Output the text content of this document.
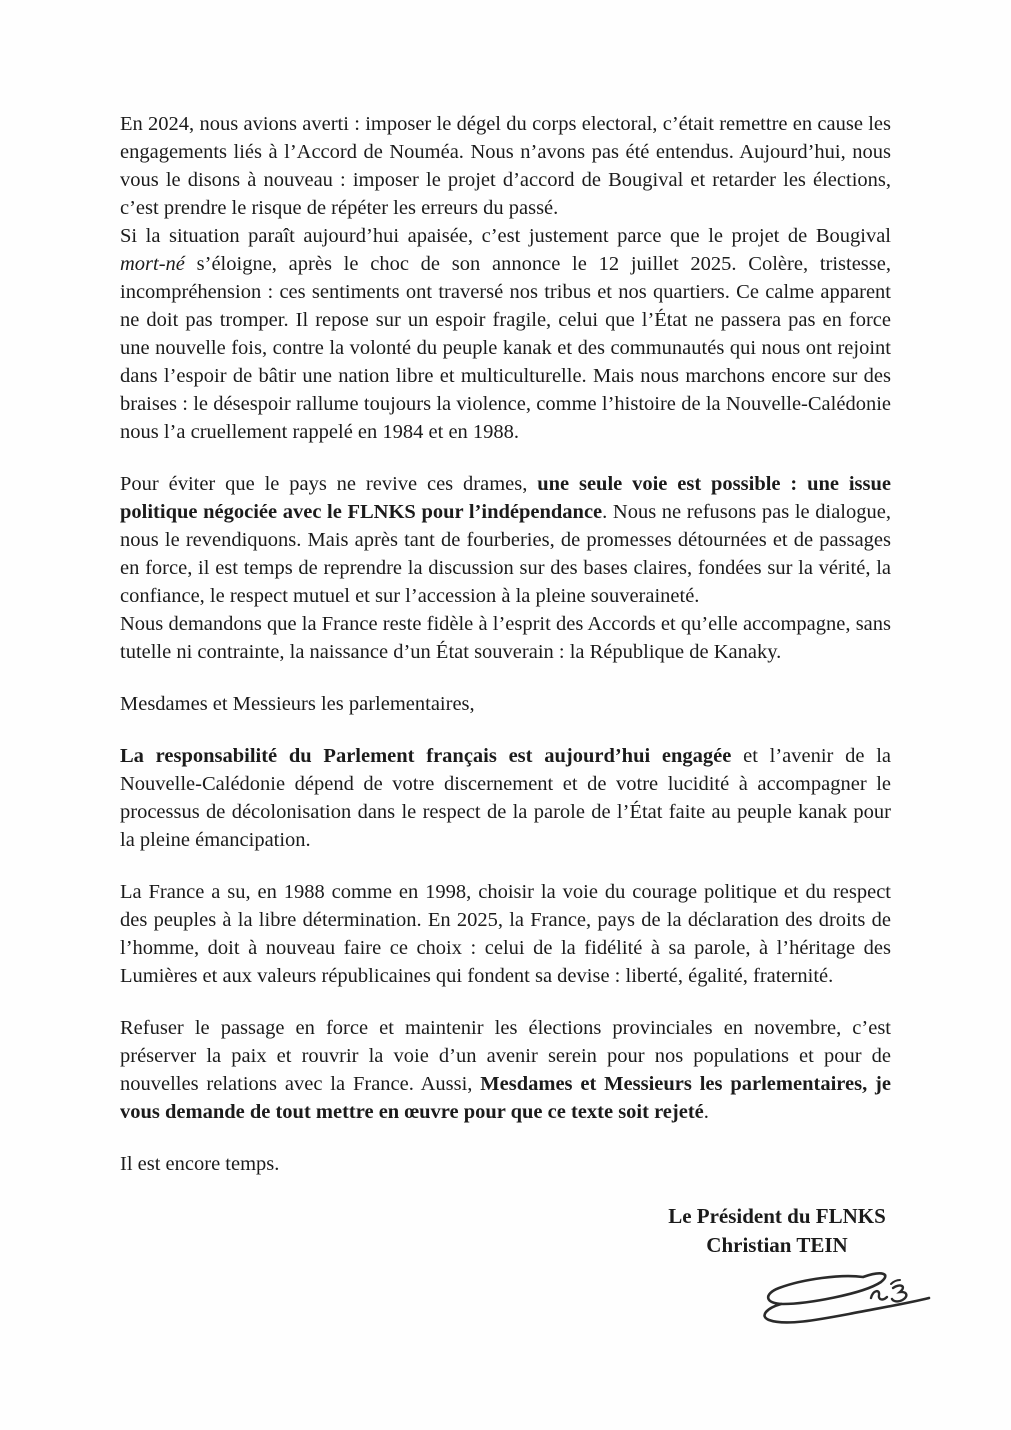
En 2024, nous avions averti : imposer le dégel du corps electoral, c’était remettre en cause les engagements liés à l’Accord de Nouméa. Nous n’avons pas été entendus. Aujourd’hui, nous vous le disons à nouveau : imposer le projet d’accord de Bougival et retarder les élections, c’est prendre le risque de répéter les erreurs du passé.

Si la situation paraît aujourd’hui apaisée, c’est justement parce que le projet de Bougival mort-né s’éloigne, après le choc de son annonce le 12 juillet 2025. Colère, tristesse, incompréhension : ces sentiments ont traversé nos tribus et nos quartiers. Ce calme apparent ne doit pas tromper. Il repose sur un espoir fragile, celui que l’État ne passera pas en force une nouvelle fois, contre la volonté du peuple kanak et des communautés qui nous ont rejoint dans l’espoir de bâtir une nation libre et multiculturelle. Mais nous marchons encore sur des braises : le désespoir rallume toujours la violence, comme l’histoire de la Nouvelle-Calédonie nous l’a cruellement rappelé en 1984 et en 1988.

Pour éviter que le pays ne revive ces drames, une seule voie est possible : une issue politique négociée avec le FLNKS pour l’indépendance. Nous ne refusons pas le dialogue, nous le revendiquons. Mais après tant de fourberies, de promesses détournées et de passages en force, il est temps de reprendre la discussion sur des bases claires, fondées sur la vérité, la confiance, le respect mutuel et sur l’accession à la pleine souveraineté.

Nous demandons que la France reste fidèle à l’esprit des Accords et qu’elle accompagne, sans tutelle ni contrainte, la naissance d’un État souverain : la République de Kanaky.

Mesdames et Messieurs les parlementaires,

La responsabilité du Parlement français est aujourd’hui engagée et l’avenir de la Nouvelle-Calédonie dépend de votre discernement et de votre lucidité à accompagner le processus de décolonisation dans le respect de la parole de l’État faite au peuple kanak pour la pleine émancipation.

La France a su, en 1988 comme en 1998, choisir la voie du courage politique et du respect des peuples à la libre détermination. En 2025, la France, pays de la déclaration des droits de l’homme, doit à nouveau faire ce choix : celui de la fidélité à sa parole, à l’héritage des Lumières et aux valeurs républicaines qui fondent sa devise : liberté, égalité, fraternité.

Refuser le passage en force et maintenir les élections provinciales en novembre, c’est préserver la paix et rouvrir la voie d’un avenir serein pour nos populations et pour de nouvelles relations avec la France. Aussi, Mesdames et Messieurs les parlementaires, je vous demande de tout mettre en œuvre pour que ce texte soit rejeté.

Il est encore temps.

Le Président du FLNKS
Christian TEIN
